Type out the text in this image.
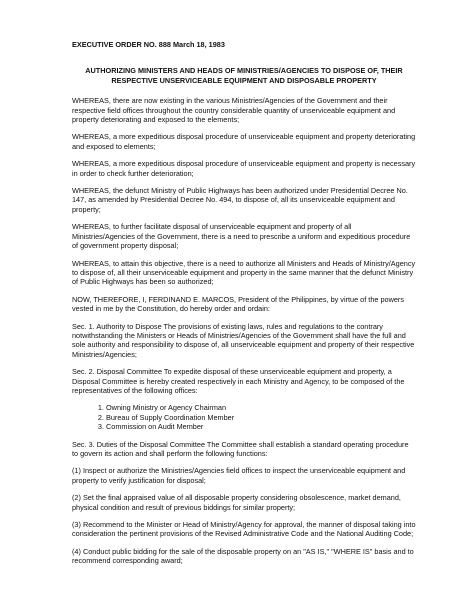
EXECUTIVE ORDER NO. 888 March 18, 1983
AUTHORIZING MINISTERS AND HEADS OF MINISTRIES/AGENCIES TO DISPOSE OF, THEIR RESPECTIVE UNSERVICEABLE EQUIPMENT AND DISPOSABLE PROPERTY
WHEREAS, there are now existing in the various Ministries/Agencies of the Government and their respective field offices throughout the country considerable quantity of unserviceable equipment and property deteriorating and exposed to the elements;
WHEREAS, a more expeditious disposal procedure of unserviceable equipment and property deteriorating and exposed to elements;
WHEREAS, a more expeditious disposal procedure of unserviceable equipment and property is necessary in order to check further deterioration;
WHEREAS, the defunct Ministry of Public Highways has been authorized under Presidential Decree No. 147, as amended by Presidential Decree No. 494, to dispose of, all its unserviceable equipment and property;
WHEREAS, to further facilitate disposal of unserviceable equipment and property of all Ministries/Agencies of the Government, there is a need to prescribe a uniform and expeditious procedure of government property disposal;
WHEREAS, to attain this objective, there is a need to authorize all Ministers and Heads of Ministry/Agency to dispose of, all their unserviceable equipment and property in the same manner that the defunct Ministry of Public Highways has been so authorized;
NOW, THEREFORE, I, FERDINAND E. MARCOS, President of the Philippines, by virtue of the powers vested in me by the Constitution, do hereby order and ordain:
Sec. 1. Authority to Dispose The provisions of existing laws, rules and regulations to the contrary notwithstanding the Ministers or Heads of Ministries/Agencies of the Government shall have the full and sole authority and responsibility to dispose of, all unserviceable equipment and property of their respective Ministries/Agencies;
Sec. 2. Disposal Committee To expedite disposal of these unserviceable equipment and property, a Disposal Committee is hereby created respectively in each Ministry and Agency, to be composed of the representatives of the following offices:
1. Owning Ministry or Agency Chairman
2. Bureau of Supply Coordination Member
3. Commission on Audit Member
Sec. 3. Duties of the Disposal Committee The Committee shall establish a standard operating procedure to govern its action and shall perform the following functions:
(1) Inspect or authorize the Ministries/Agencies field offices to inspect the unserviceable equipment and property to verify justification for disposal;
(2) Set the final appraised value of all disposable property considering obsolescence, market demand, physical condition and result of previous biddings for similar property;
(3) Recommend to the Minister or Head of Ministry/Agency for approval, the manner of disposal taking into consideration the pertinent provisions of the Revised Administrative Code and the National Auditing Code;
(4) Conduct public bidding for the sale of the disposable property on an "AS IS," "WHERE IS" basis and to recommend corresponding award;
